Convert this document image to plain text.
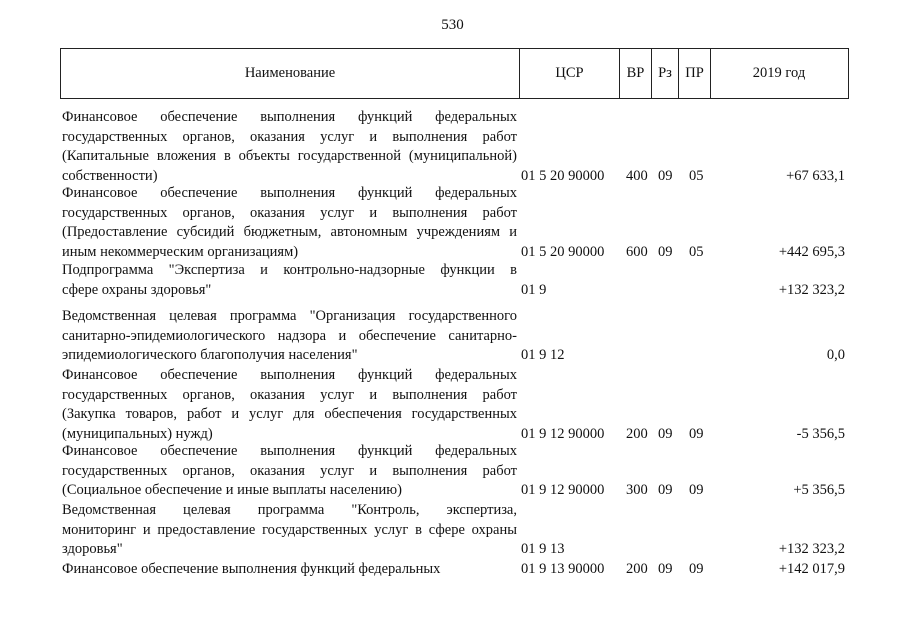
530
Наименование	ЦСР	ВР Рз ПР	2019 год
Финансовое обеспечение выполнения функций федеральных
государственных органов, оказания услуг и выполнения работ
(Капитальные вложения в объекты государственной (муниципальной)
собственности)	01 5 20 90000 400 09 05	+67 633,1
Финансовое обеспечение выполнения функций федеральных
государственных органов, оказания услуг и выполнения работ
(Предоставление субсидий бюджетным, автономным учреждениям и
иным некоммерческим организациям)	01 5 20 90000 600 09 05	+442 695,3
Подпрограмма "Экспертиза и контрольно-надзорные функции в
сфере охраны здоровья"	01 9	+132 323,2
Ведомственная целевая программа "Организация государственного
санитарно-эпидемиологического надзора и обеспечение санитарно-
эпидемиологического благополучия населения"	01 9 12	0,0
Финансовое обеспечение выполнения функций федеральных
государственных органов, оказания услуг и выполнения работ
(Закупка товаров, работ и услуг для обеспечения государственных
(муниципальных) нужд)	01 9 12 90000 200 09 09	-5 356,5
Финансовое обеспечение выполнения функций федеральных
государственных органов, оказания услуг и выполнения работ
(Социальное обеспечение и иные выплаты населению)	01 9 12 90000 300 09 09	+5 356,5
Ведомственная целевая программа "Контроль, экспертиза,
мониторинг и предоставление государственных услуг в сфере охраны
здоровья"	01 9 13	+132 323,2
Финансовое обеспечение выполнения функций федеральных	01 9 13 90000 200 09 09	+142 017,9
